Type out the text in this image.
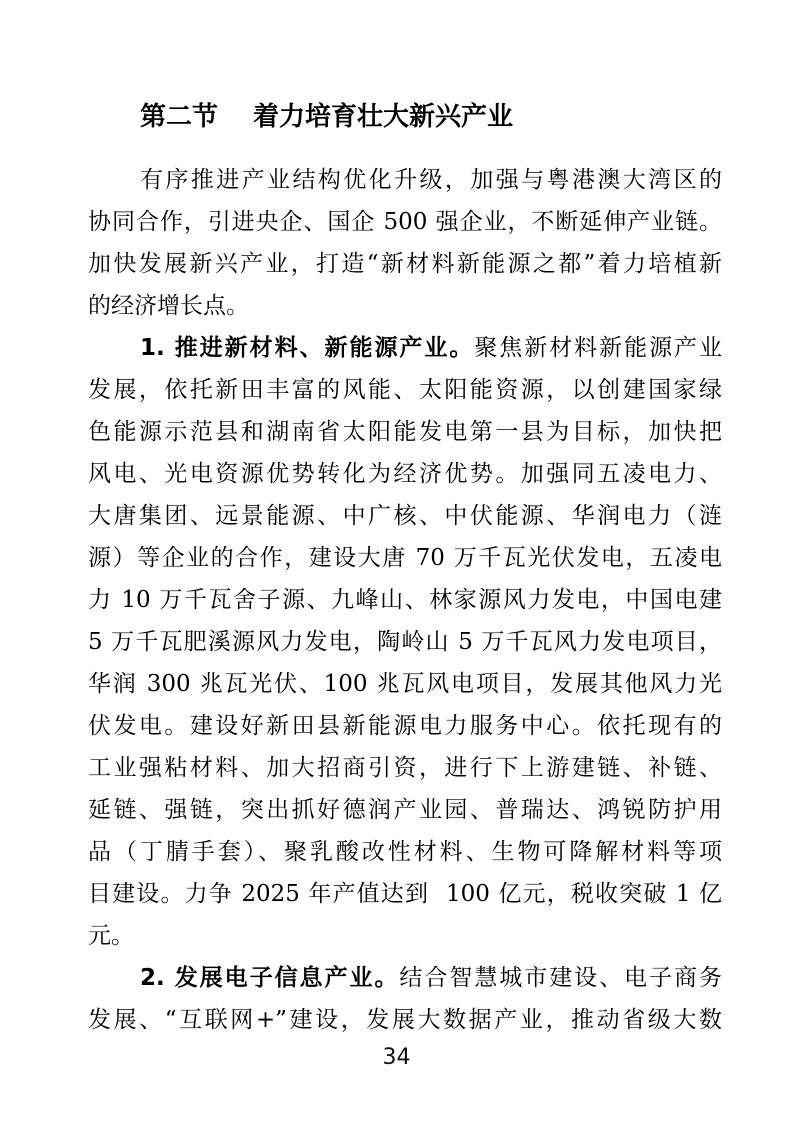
第二节　 着力培育壮大新兴产业
有序推进产业结构优化升级，加强与粤港澳大湾区的
协同合作，引进央企、国企 500 强企业，不断延伸产业链。
加快发展新兴产业，打造“新材料新能源之都”着力培植新
的经济增长点。
1. 推进新材料、新能源产业。聚焦新材料新能源产业
发展，依托新田丰富的风能、太阳能资源，以创建国家绿
色能源示范县和湖南省太阳能发电第一县为目标，加快把
风电、光电资源优势转化为经济优势。加强同五凌电力、
大唐集团、远景能源、中广核、中伏能源、华润电力（涟
源）等企业的合作，建设大唐 70 万千瓦光伏发电，五凌电
力 10 万千瓦舍子源、九峰山、林家源风力发电，中国电建
5 万千瓦肥溪源风力发电，陶岭山 5 万千瓦风力发电项目，
华润 300 兆瓦光伏、100 兆瓦风电项目，发展其他风力光
伏发电。建设好新田县新能源电力服务中心。依托现有的
工业强粘材料、加大招商引资，进行下上游建链、补链、
延链、强链，突出抓好德润产业园、普瑞达、鸿锐防护用
品（丁腈手套）、聚乳酸改性材料、生物可降解材料等项
目建设。力争 2025 年产值达到  100 亿元，税收突破 1 亿
元。
2. 发展电子信息产业。结合智慧城市建设、电子商务
发展、“互联网+”建设，发展大数据产业，推动省级大数
34
